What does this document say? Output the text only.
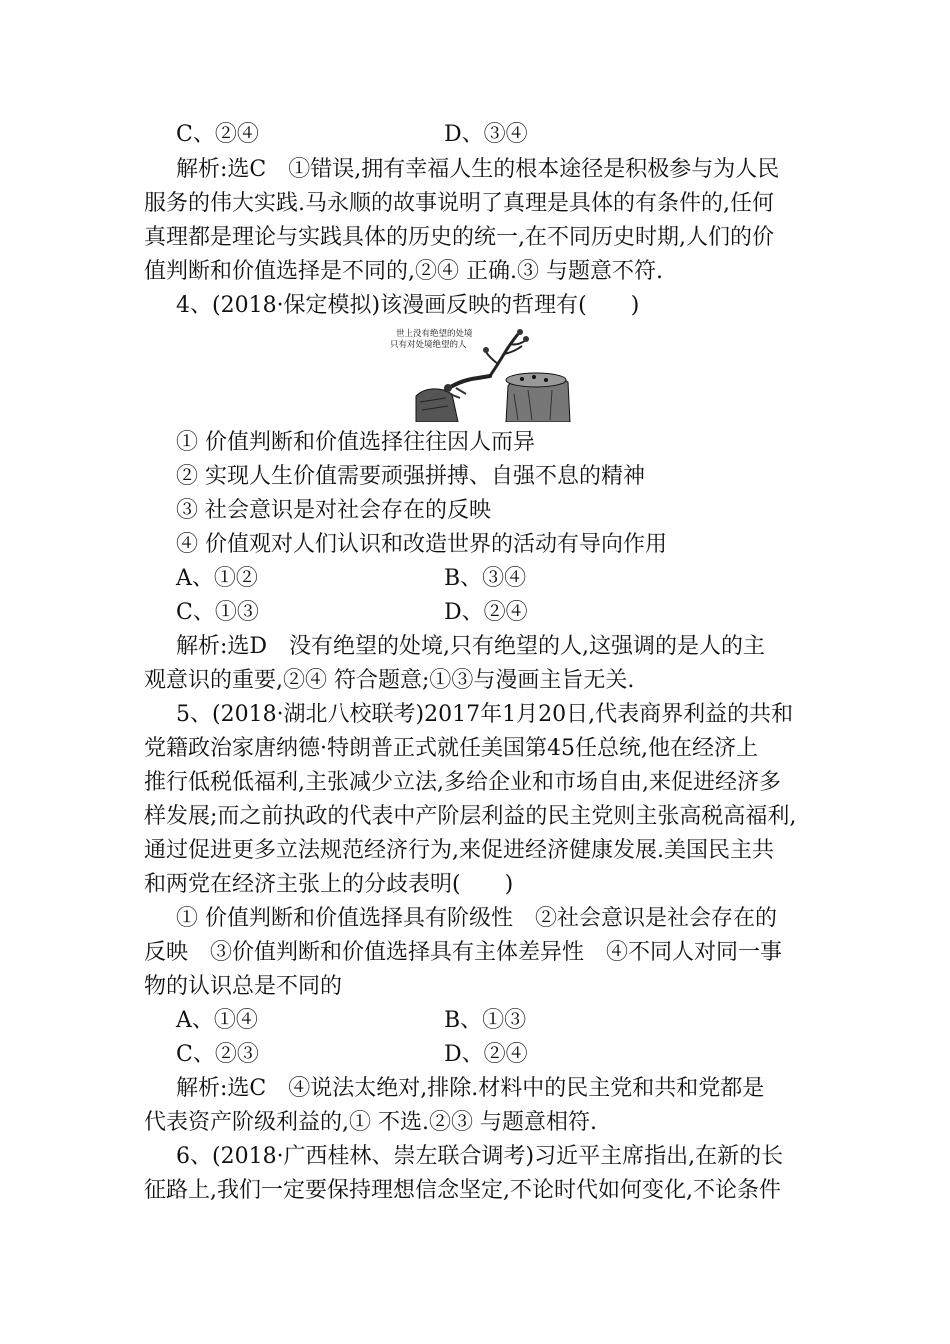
C、②④	D、③④
解析:选C　①错误,拥有幸福人生的根本途径是积极参与为人民
服务的伟大实践.马永顺的故事说明了真理是具体的有条件的,任何
真理都是理论与实践具体的历史的统一,在不同历史时期,人们的价
值判断和价值选择是不同的,②④ 正确.③ 与题意不符.
4、(2018·保定模拟)该漫画反映的哲理有(　　)
世上没有绝望的处境
只有对处境绝望的人
① 价值判断和价值选择往往因人而异
② 实现人生价值需要顽强拼搏、自强不息的精神
③ 社会意识是对社会存在的反映
④ 价值观对人们认识和改造世界的活动有导向作用
A、①②	B、③④
C、①③	D、②④
解析:选D　没有绝望的处境,只有绝望的人,这强调的是人的主
观意识的重要,②④ 符合题意;①③与漫画主旨无关.
5、(2018·湖北八校联考)2017年1月20日,代表商界利益的共和
党籍政治家唐纳德·特朗普正式就任美国第45任总统,他在经济上
推行低税低福利,主张减少立法,多给企业和市场自由,来促进经济多
样发展;而之前执政的代表中产阶层利益的民主党则主张高税高福利,
通过促进更多立法规范经济行为,来促进经济健康发展.美国民主共
和两党在经济主张上的分歧表明(　　)
① 价值判断和价值选择具有阶级性　②社会意识是社会存在的
反映　③价值判断和价值选择具有主体差异性　④不同人对同一事
物的认识总是不同的
A、①④	B、①③
C、②③	D、②④
解析:选C　④说法太绝对,排除.材料中的民主党和共和党都是
代表资产阶级利益的,① 不选.②③ 与题意相符.
6、(2018·广西桂林、崇左联合调考)习近平主席指出,在新的长
征路上,我们一定要保持理想信念坚定,不论时代如何变化,不论条件
